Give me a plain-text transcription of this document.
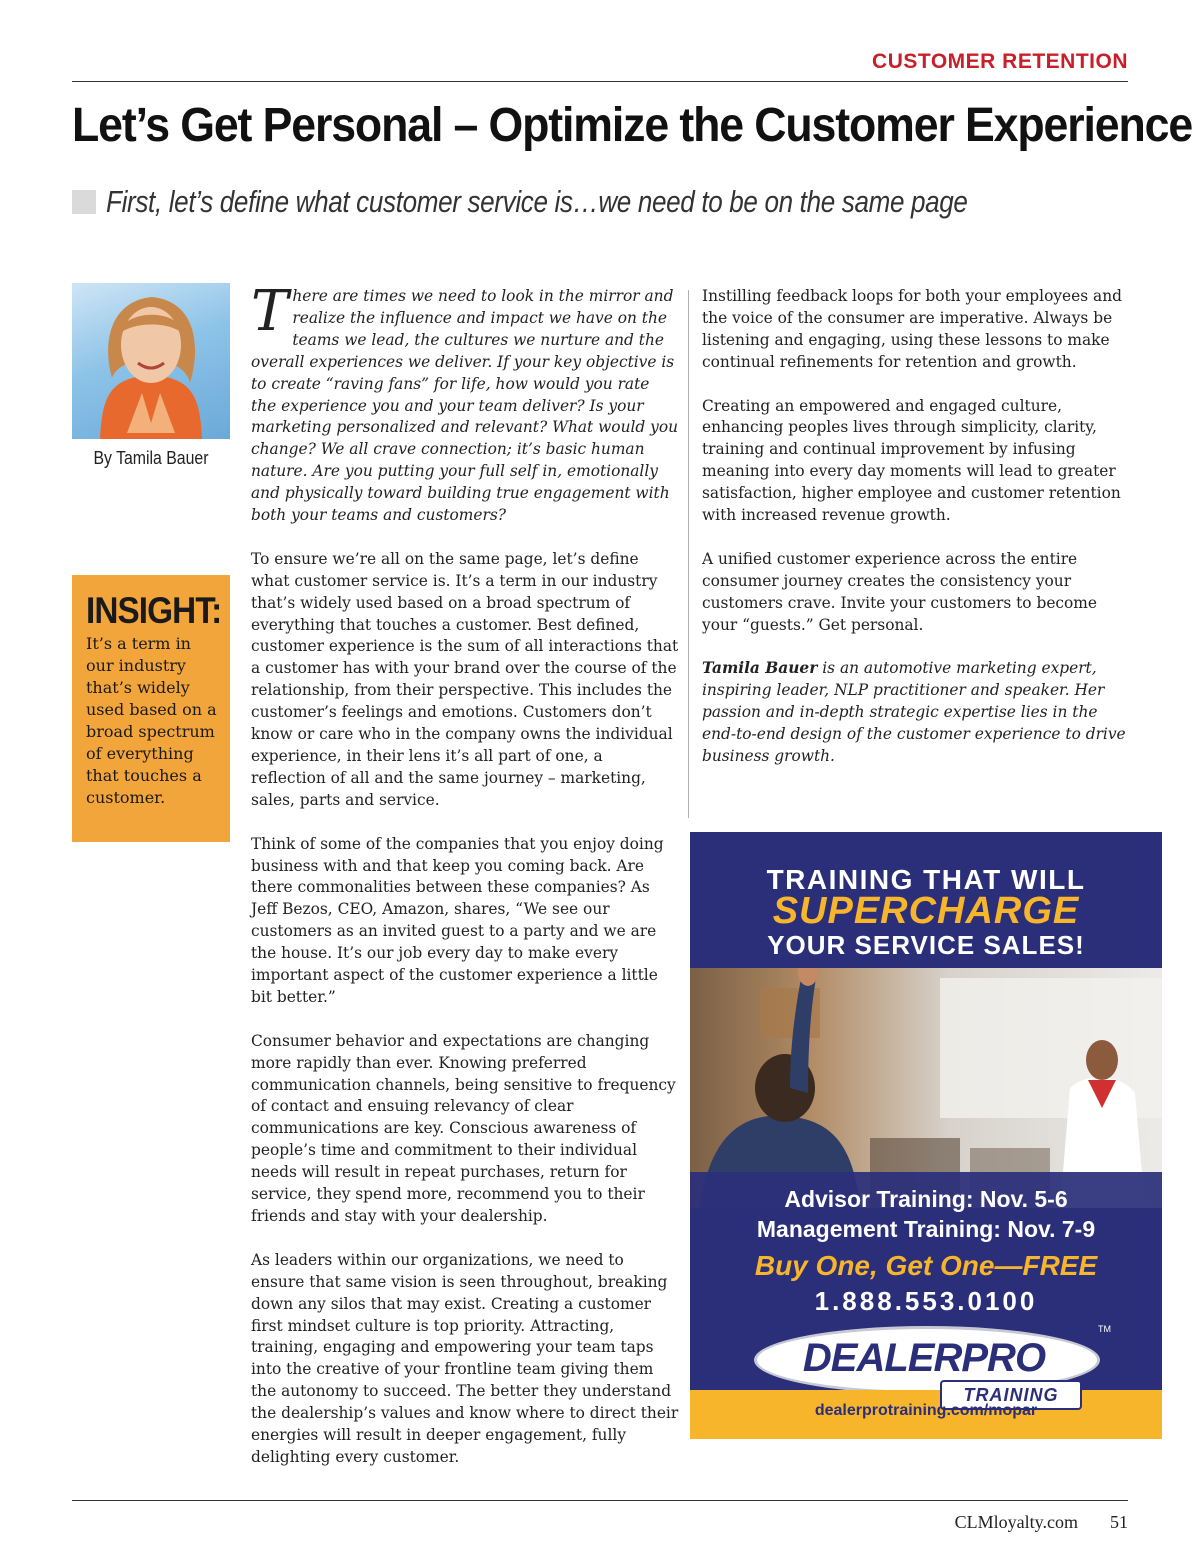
CUSTOMER RETENTION
Let’s Get Personal – Optimize the Customer Experience
First, let’s define what customer service is…we need to be on the same page
By Tamila Bauer
INSIGHT:
It’s a term in our industry that’s widely used based on a broad spectrum of everything that touches a customer.

There are times we need to look in the mirror and realize the influence and impact we have on the teams we lead, the cultures we nurture and the overall experiences we deliver. If your key objective is to create “raving fans” for life, how would you rate the experience you and your team deliver? Is your marketing personalized and relevant? What would you change? We all crave connection; it’s basic human nature. Are you putting your full self in, emotionally and physically toward building true engagement with both your teams and customers?

To ensure we’re all on the same page, let’s define what customer service is. It’s a term in our industry that’s widely used based on a broad spectrum of everything that touches a customer. Best defined, customer experience is the sum of all interactions that a customer has with your brand over the course of the relationship, from their perspective. This includes the customer’s feelings and emotions. Customers don’t know or care who in the company owns the individual experience, in their lens it’s all part of one, a reflection of all and the same journey – marketing, sales, parts and service.

Think of some of the companies that you enjoy doing business with and that keep you coming back. Are there commonalities between these companies? As Jeff Bezos, CEO, Amazon, shares, “We see our customers as an invited guest to a party and we are the house. It’s our job every day to make every important aspect of the customer experience a little bit better.”

Consumer behavior and expectations are changing more rapidly than ever. Knowing preferred communication channels, being sensitive to frequency of contact and ensuing relevancy of clear communications are key. Conscious awareness of people’s time and commitment to their individual needs will result in repeat purchases, return for service, they spend more, recommend you to their friends and stay with your dealership.

As leaders within our organizations, we need to ensure that same vision is seen throughout, breaking down any silos that may exist. Creating a customer first mindset culture is top priority. Attracting, training, engaging and empowering your team taps into the creative of your frontline team giving them the autonomy to succeed. The better they understand the dealership’s values and know where to direct their energies will result in deeper engagement, fully delighting every customer.

Instilling feedback loops for both your employees and the voice of the consumer are imperative. Always be listening and engaging, using these lessons to make continual refinements for retention and growth.

Creating an empowered and engaged culture, enhancing peoples lives through simplicity, clarity, training and continual improvement by infusing meaning into every day moments will lead to greater satisfaction, higher employee and customer retention with increased revenue growth.

A unified customer experience across the entire consumer journey creates the consistency your customers crave. Invite your customers to become your “guests.” Get personal.

Tamila Bauer is an automotive marketing expert, inspiring leader, NLP practitioner and speaker. Her passion and in-depth strategic expertise lies in the end-to-end design of the customer experience to drive business growth.

TRAINING THAT WILL
SUPERCHARGE
YOUR SERVICE SALES!
Advisor Training: Nov. 5-6
Management Training: Nov. 7-9
Buy One, Get One—FREE
1.888.553.0100
DEALERPRO
TM
TRAINING
dealerprotraining.com/mopar
CLMloyalty.com 51
